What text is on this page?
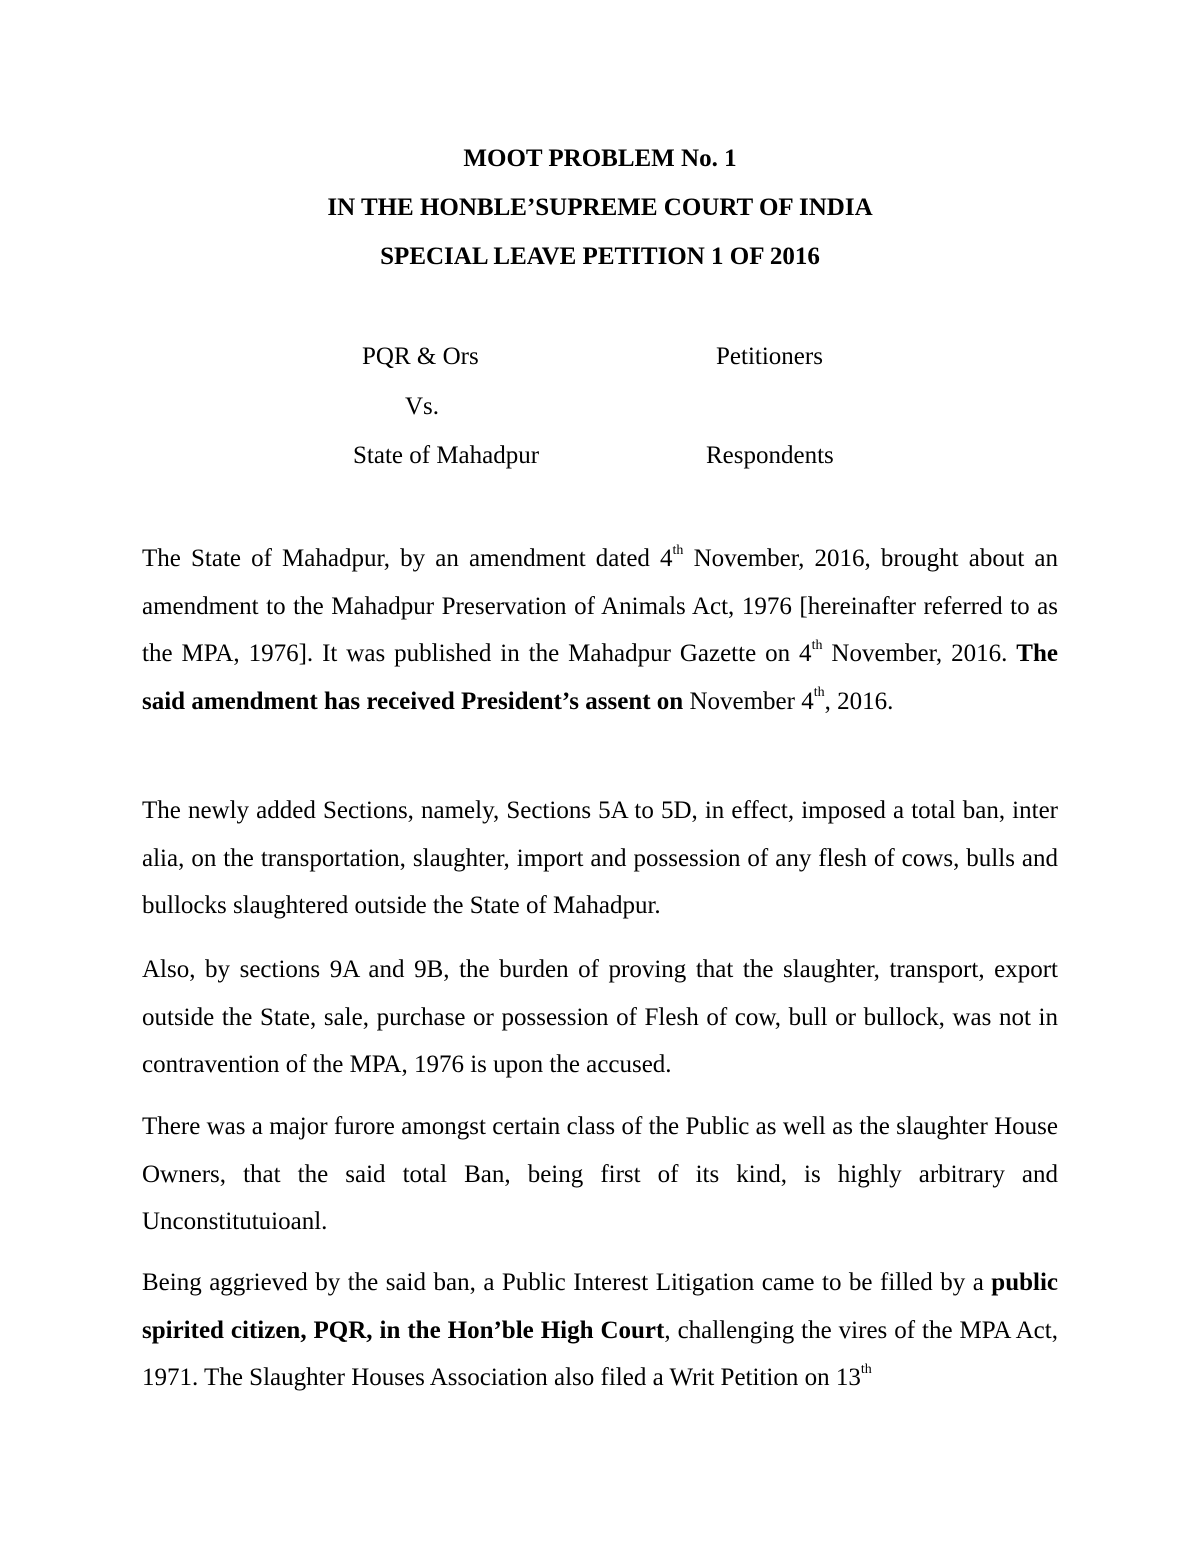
MOOT PROBLEM No. 1
IN THE HONBLE’SUPREME COURT OF INDIA
SPECIAL LEAVE PETITION 1 OF 2016
PQR & Ors	Petitioners
Vs.
State of Mahadpur	Respondents

The State of Mahadpur, by an amendment dated 4th November, 2016, brought about an amendment to the Mahadpur Preservation of Animals Act, 1976 [hereinafter referred to as the MPA, 1976]. It was published in the Mahadpur Gazette on 4th November, 2016. The said amendment has received President’s assent on November 4th, 2016.

The newly added Sections, namely, Sections 5A to 5D, in effect, imposed a total ban, inter alia, on the transportation, slaughter, import and possession of any flesh of cows, bulls and bullocks slaughtered outside the State of Mahadpur.

Also, by sections 9A and 9B, the burden of proving that the slaughter, transport, export outside the State, sale, purchase or possession of Flesh of cow, bull or bullock, was not in contravention of the MPA, 1976 is upon the accused.

There was a major furore amongst certain class of the Public as well as the slaughter House Owners, that the said total Ban, being first of its kind, is highly arbitrary and Unconstitutuioanl.

Being aggrieved by the said ban, a Public Interest Litigation came to be filled by a public spirited citizen, PQR, in the Hon’ble High Court, challenging the vires of the MPA Act, 1971. The Slaughter Houses Association also filed a Writ Petition on 13th
